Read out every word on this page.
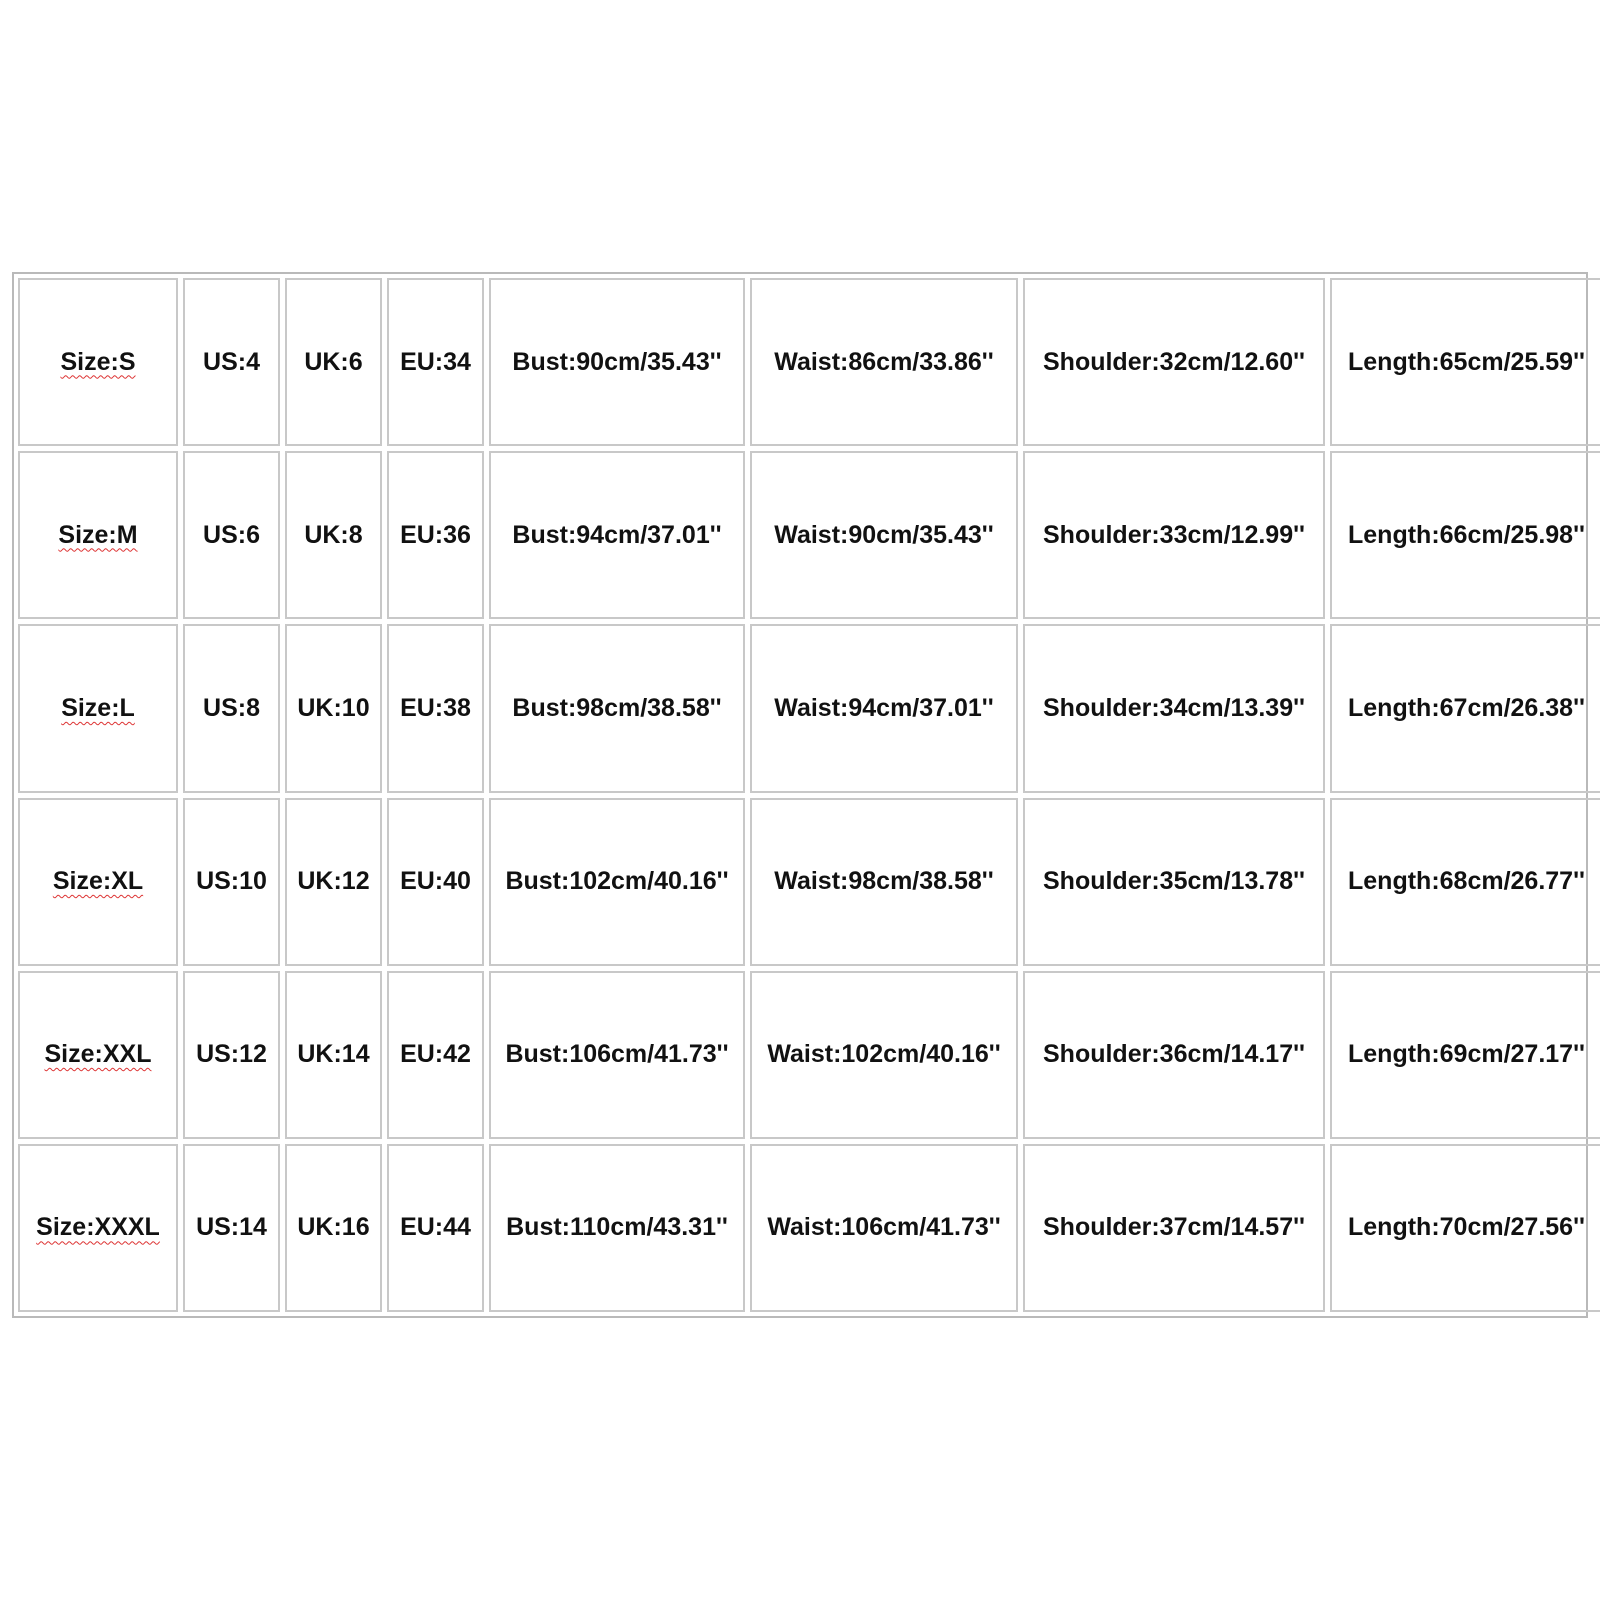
Size:S	US:4	UK:6	EU:34	Bust:90cm/35.43''	Waist:86cm/33.86''	Shoulder:32cm/12.60''	Length:65cm/25.59''
Size:M	US:6	UK:8	EU:36	Bust:94cm/37.01''	Waist:90cm/35.43''	Shoulder:33cm/12.99''	Length:66cm/25.98''
Size:L	US:8	UK:10	EU:38	Bust:98cm/38.58''	Waist:94cm/37.01''	Shoulder:34cm/13.39''	Length:67cm/26.38''
Size:XL	US:10	UK:12	EU:40	Bust:102cm/40.16''	Waist:98cm/38.58''	Shoulder:35cm/13.78''	Length:68cm/26.77''
Size:XXL	US:12	UK:14	EU:42	Bust:106cm/41.73''	Waist:102cm/40.16''	Shoulder:36cm/14.17''	Length:69cm/27.17''
Size:XXXL	US:14	UK:16	EU:44	Bust:110cm/43.31''	Waist:106cm/41.73''	Shoulder:37cm/14.57''	Length:70cm/27.56''
